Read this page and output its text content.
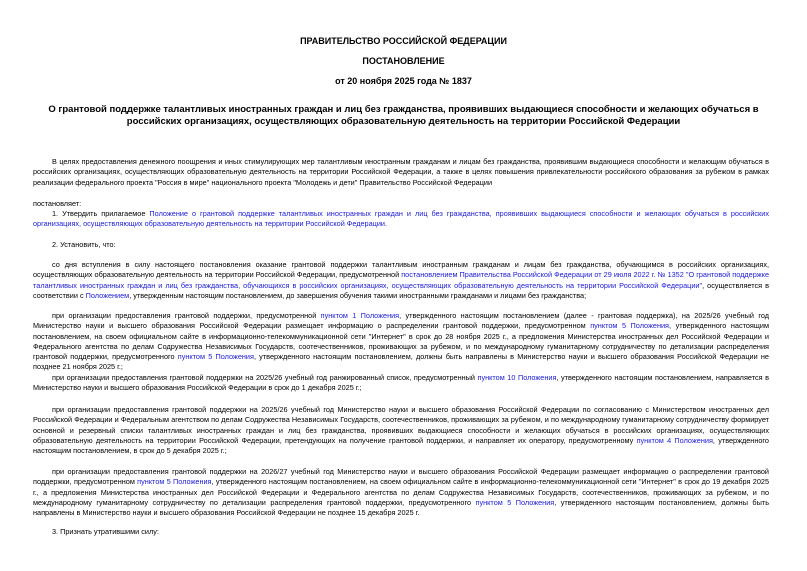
ПРАВИТЕЛЬСТВО РОССИЙСКОЙ ФЕДЕРАЦИИ
ПОСТАНОВЛЕНИЕ
от 20 ноября 2025 года № 1837
О грантовой поддержке талантливых иностранных граждан и лиц без гражданства, проявивших выдающиеся способности и желающих обучаться в российских организациях, осуществляющих образовательную деятельность на территории Российской Федерации
В целях предоставления денежного поощрения и иных стимулирующих мер талантливым иностранным гражданам и лицам без гражданства, проявившим выдающиеся способности и желающим обучаться в российских организациях, осуществляющих образовательную деятельность на территории Российской Федерации, а также в целях повышения привлекательности российского образования за рубежом в рамках реализации федерального проекта "Россия в мире" национального проекта "Молодежь и дети" Правительство Российской Федерации
постановляет:
1. Утвердить прилагаемое Положение о грантовой поддержке талантливых иностранных граждан и лиц без гражданства, проявивших выдающиеся способности и желающих обучаться в российских организациях, осуществляющих образовательную деятельность на территории Российской Федерации.
2. Установить, что:
со дня вступления в силу настоящего постановления оказание грантовой поддержки талантливым иностранным гражданам и лицам без гражданства, обучающимся в российских организациях, осуществляющих образовательную деятельность на территории Российской Федерации, предусмотренной постановлением Правительства Российской Федерации от 29 июля 2022 г. № 1352 "О грантовой поддержке талантливых иностранных граждан и лиц без гражданства, обучающихся в российских организациях, осуществляющих образовательную деятельность на территории Российской Федерации", осуществляется в соответствии с Положением, утвержденным настоящим постановлением, до завершения обучения такими иностранными гражданами и лицами без гражданства;
при организации предоставления грантовой поддержки, предусмотренной пунктом 1 Положения, утвержденного настоящим постановлением (далее - грантовая поддержка), на 2025/26 учебный год Министерство науки и высшего образования Российской Федерации размещает информацию о распределении грантовой поддержки, предусмотренном пунктом 5 Положения, утвержденного настоящим постановлением, на своем официальном сайте в информационно-телекоммуникационной сети "Интернет" в срок до 28 ноября 2025 г., а предложения Министерства иностранных дел Российской Федерации и Федерального агентства по делам Содружества Независимых Государств, соотечественников, проживающих за рубежом, и по международному гуманитарному сотрудничеству по детализации распределения грантовой поддержки, предусмотренного пунктом 5 Положения, утвержденного настоящим постановлением, должны быть направлены в Министерство науки и высшего образования Российской Федерации не позднее 21 ноября 2025 г.;
при организации предоставления грантовой поддержки на 2025/26 учебный год ранжированный список, предусмотренный пунктом 10 Положения, утвержденного настоящим постановлением, направляется в Министерство науки и высшего образования Российской Федерации в срок до 1 декабря 2025 г.;
при организации предоставления грантовой поддержки на 2025/26 учебный год Министерство науки и высшего образования Российской Федерации по согласованию с Министерством иностранных дел Российской Федерации и Федеральным агентством по делам Содружества Независимых Государств, соотечественников, проживающих за рубежом, и по международному гуманитарному сотрудничеству формирует основной и резервный списки талантливых иностранных граждан и лиц без гражданства, проявивших выдающиеся способности и желающих обучаться в российских организациях, осуществляющих образовательную деятельность на территории Российской Федерации, претендующих на получение грантовой поддержки, и направляет их оператору, предусмотренному пунктом 4 Положения, утвержденного настоящим постановлением, в срок до 5 декабря 2025 г.;
при организации предоставления грантовой поддержки на 2026/27 учебный год Министерство науки и высшего образования Российской Федерации размещает информацию о распределении грантовой поддержки, предусмотренном пунктом 5 Положения, утвержденного настоящим постановлением, на своем официальном сайте в информационно-телекоммуникационной сети "Интернет" в срок до 19 декабря 2025 г., а предложения Министерства иностранных дел Российской Федерации и Федерального агентства по делам Содружества Независимых Государств, соотечественников, проживающих за рубежом, и по международному гуманитарному сотрудничеству по детализации распределения грантовой поддержки, предусмотренного пунктом 5 Положения, утвержденного настоящим постановлением, должны быть направлены в Министерство науки и высшего образования Российской Федерации не позднее 15 декабря 2025 г.
3. Признать утратившими силу:
